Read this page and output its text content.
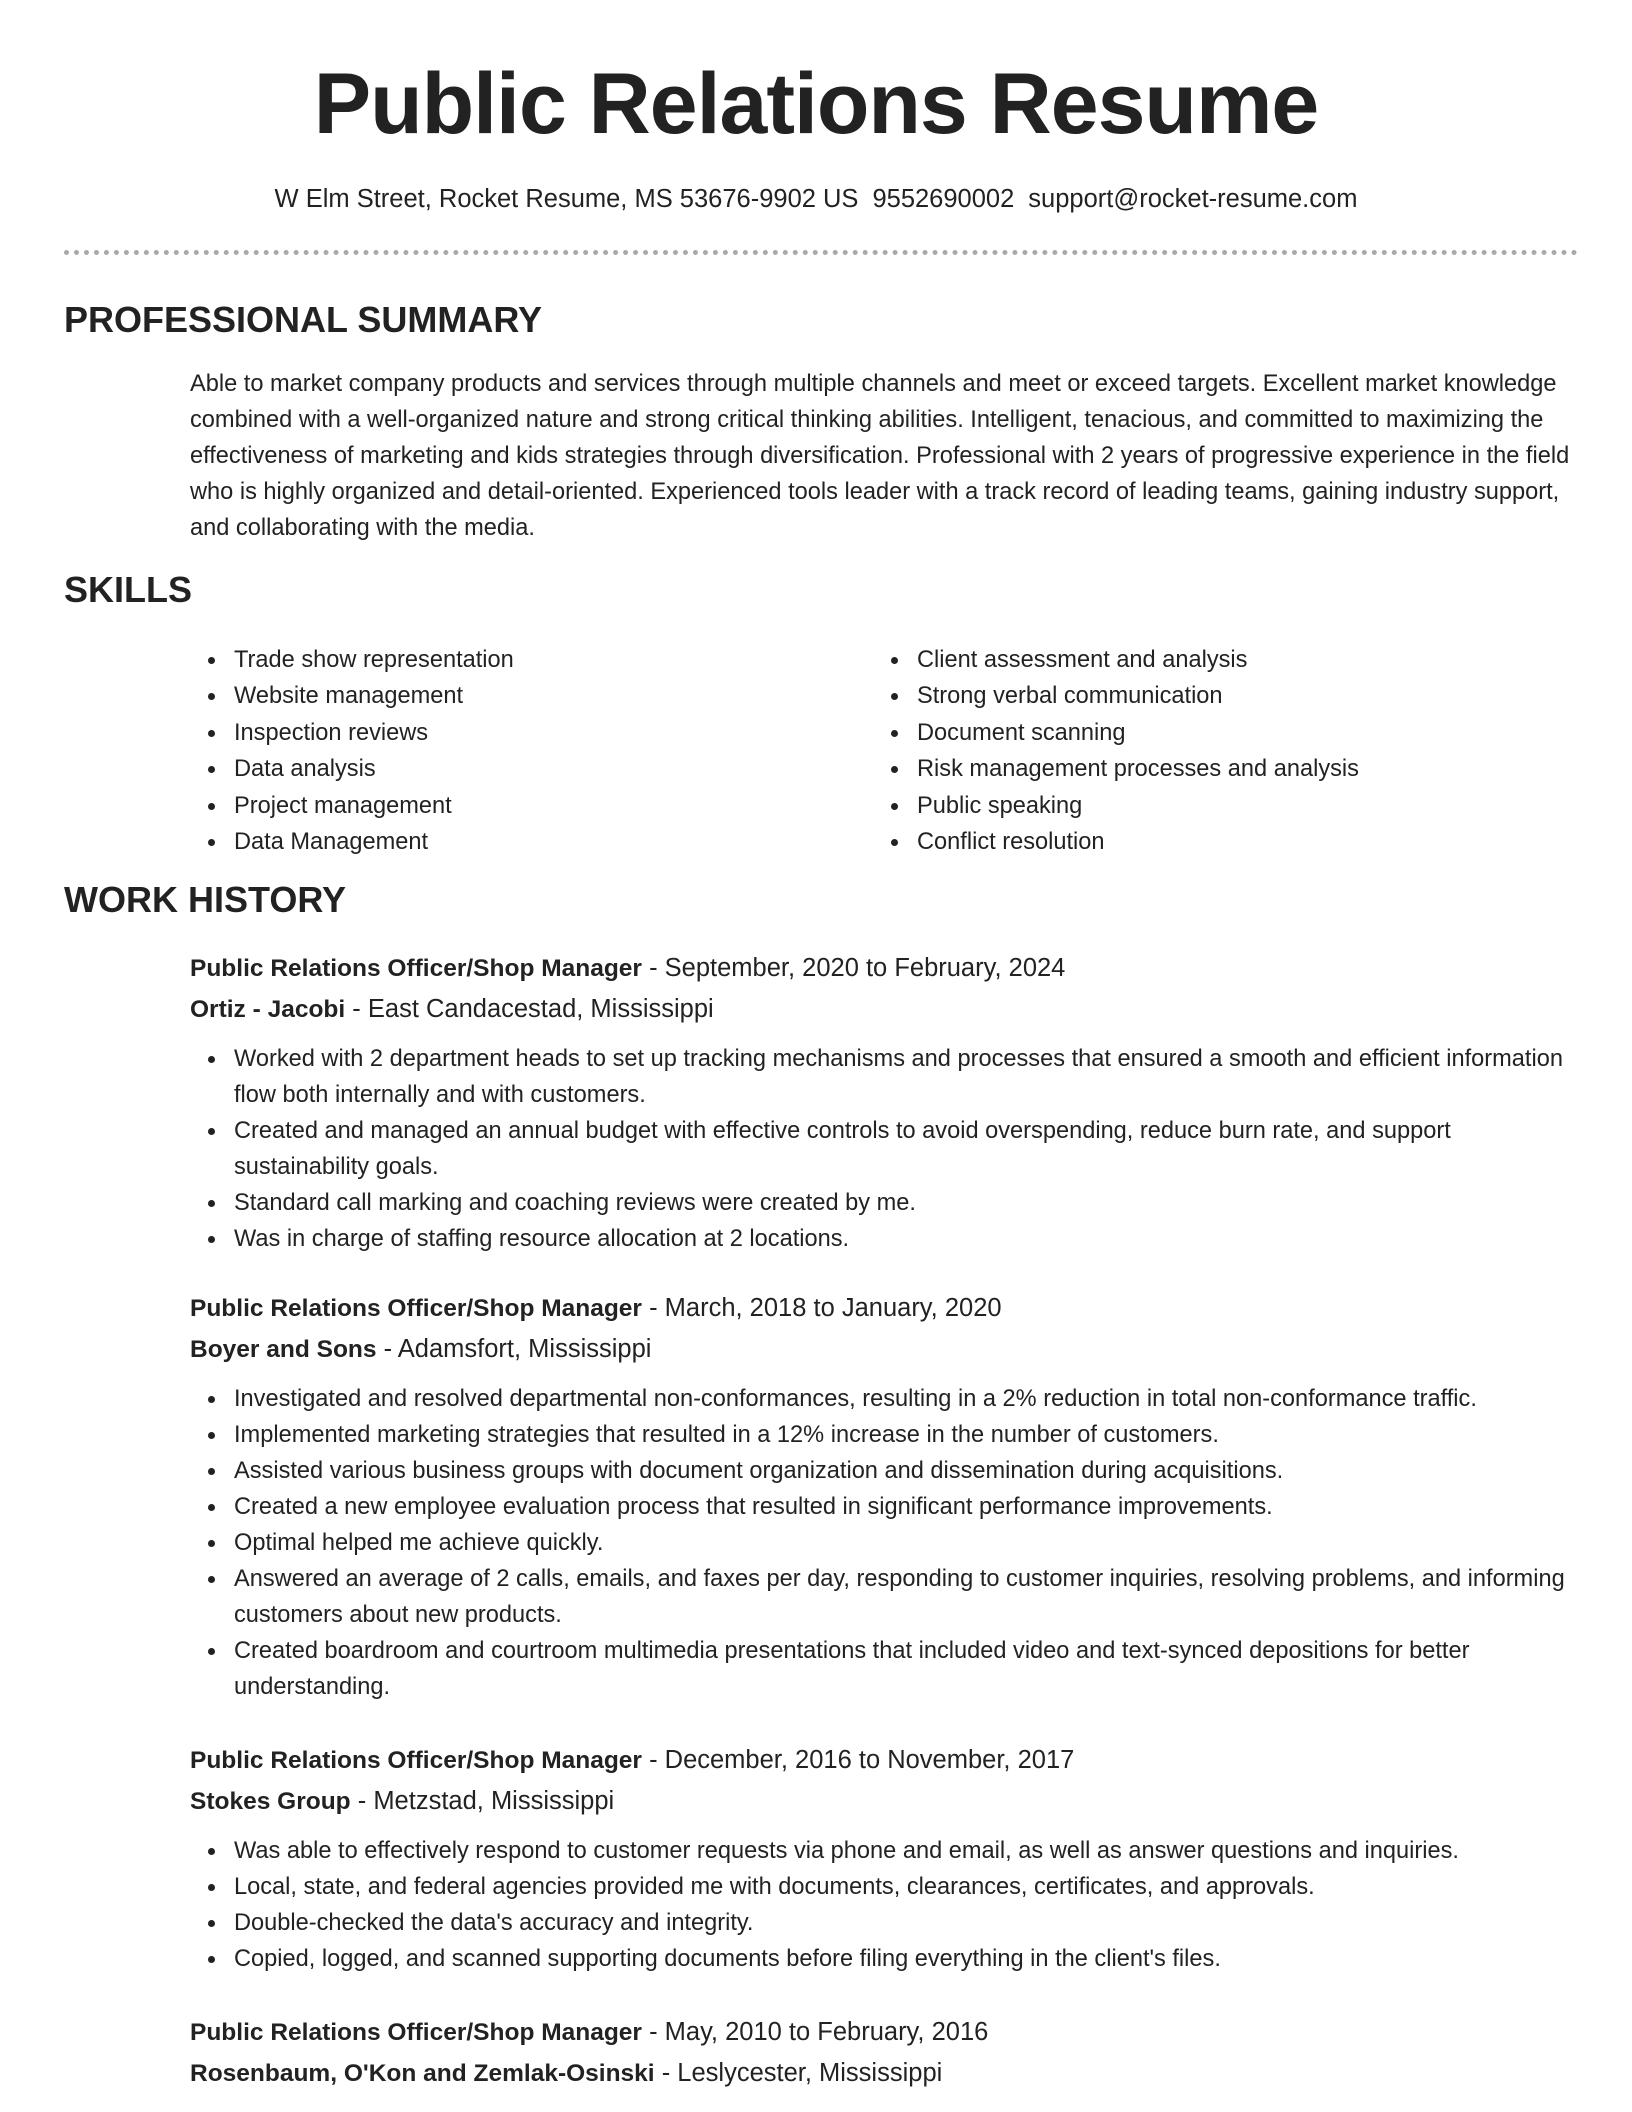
Public Relations Resume
W Elm Street, Rocket Resume, MS 53676-9902 US 9552690002 support@rocket-resume.com
PROFESSIONAL SUMMARY

Able to market company products and services through multiple channels and meet or exceed targets. Excellent market knowledge combined with a well-organized nature and strong critical thinking abilities. Intelligent, tenacious, and committed to maximizing the effectiveness of marketing and kids strategies through diversification. Professional with 2 years of progressive experience in the field who is highly organized and detail-oriented. Experienced tools leader with a track record of leading teams, gaining industry support, and collaborating with the media.

SKILLS
Trade show representation
Website management
Inspection reviews
Data analysis
Project management
Data Management
Client assessment and analysis
Strong verbal communication
Document scanning
Risk management processes and analysis
Public speaking
Conflict resolution
WORK HISTORY
Public Relations Officer/Shop Manager - September, 2020 to February, 2024
Ortiz - Jacobi - East Candacestad, Mississippi
Worked with 2 department heads to set up tracking mechanisms and processes that ensured a smooth and efficient information flow both internally and with customers.
Created and managed an annual budget with effective controls to avoid overspending, reduce burn rate, and support sustainability goals.
Standard call marking and coaching reviews were created by me.
Was in charge of staffing resource allocation at 2 locations.
Public Relations Officer/Shop Manager - March, 2018 to January, 2020
Boyer and Sons - Adamsfort, Mississippi
Investigated and resolved departmental non-conformances, resulting in a 2% reduction in total non-conformance traffic.
Implemented marketing strategies that resulted in a 12% increase in the number of customers.
Assisted various business groups with document organization and dissemination during acquisitions.
Created a new employee evaluation process that resulted in significant performance improvements.
Optimal helped me achieve quickly.
Answered an average of 2 calls, emails, and faxes per day, responding to customer inquiries, resolving problems, and informing customers about new products.
Created boardroom and courtroom multimedia presentations that included video and text-synced depositions for better understanding.
Public Relations Officer/Shop Manager - December, 2016 to November, 2017
Stokes Group - Metzstad, Mississippi
Was able to effectively respond to customer requests via phone and email, as well as answer questions and inquiries.
Local, state, and federal agencies provided me with documents, clearances, certificates, and approvals.
Double-checked the data's accuracy and integrity.
Copied, logged, and scanned supporting documents before filing everything in the client's files.
Public Relations Officer/Shop Manager - May, 2010 to February, 2016
Rosenbaum, O'Kon and Zemlak-Osinski - Leslycester, Mississippi
